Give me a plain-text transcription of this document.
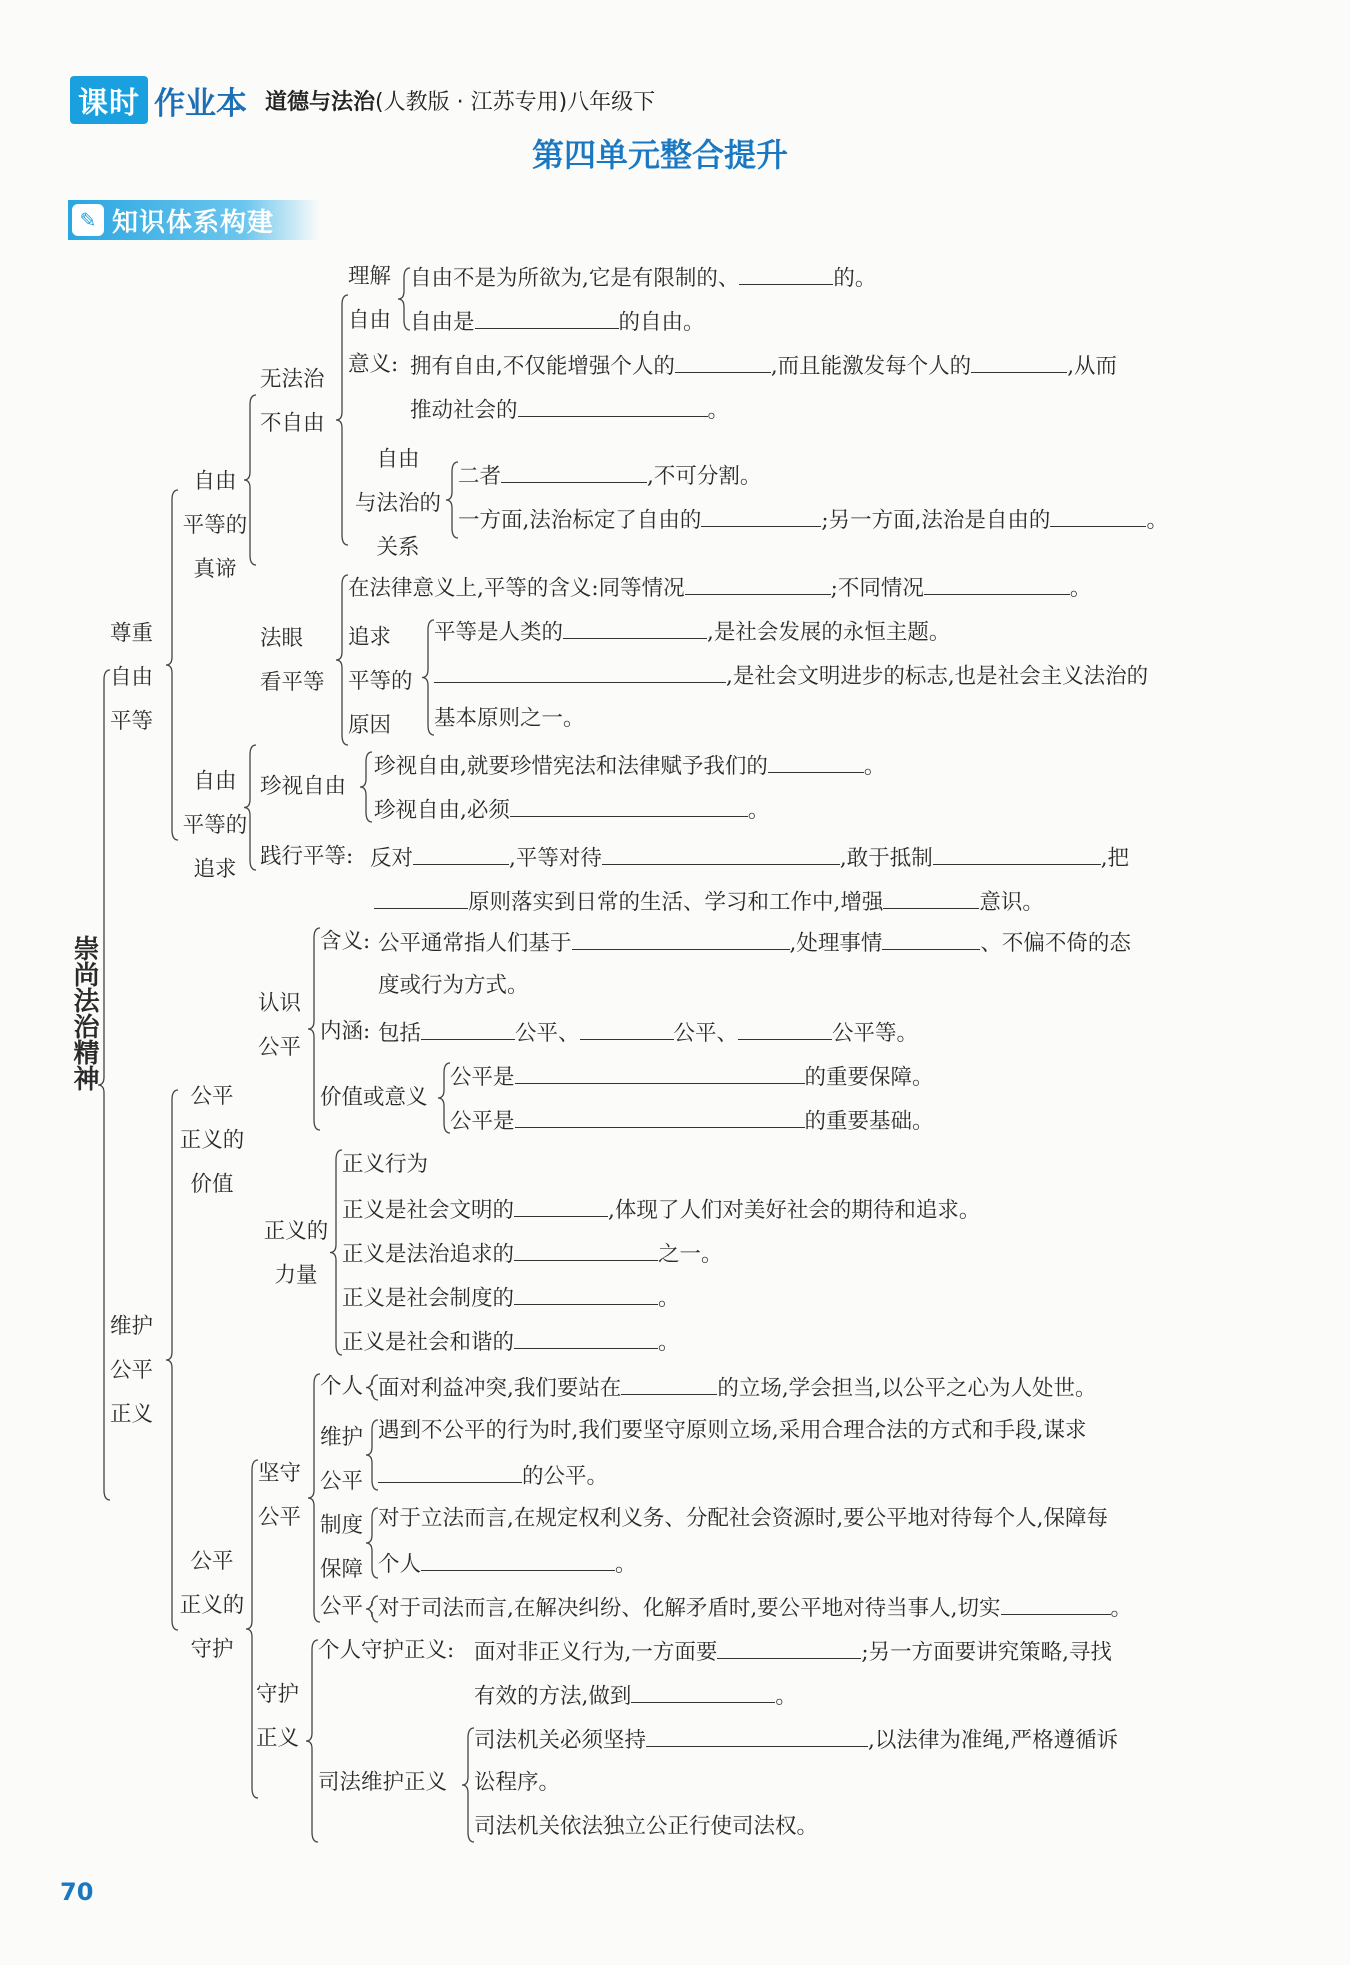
课时 作业本 道德与法治(人教版 · 江苏专用)八年级下
第四单元整合提升
✎ 知识体系构建
崇尚法治精神
尊重
自由
平等
维护
公平
正义
自由
平等的
真谛
自由
平等的
追求
公平
正义的
价值
公平
正义的
守护
无法治
不自由
法眼
看平等
珍视自由
践行平等:
认识
公平
正义的
力量
坚守
公平
守护
正义
理解
自由
意义:
自由
与法治的
关系
追求
平等的
原因
含义:
内涵:
价值或意义
个人
维护
公平
制度
保障
公平
个人守护正义:
司法维护正义
自由不是为所欲为,它是有限制的、	的。
自由是	的自由。
拥有自由,不仅能增强个人的	,而且能激发每个人的	,从而
推动社会的	。
二者	,不可分割。
一方面,法治标定了自由的	;另一方面,法治是自由的	。
在法律意义上,平等的含义:同等情况	;不同情况	。
平等是人类的	,是社会发展的永恒主题。
,是社会文明进步的标志,也是社会主义法治的
基本原则之一。
珍视自由,就要珍惜宪法和法律赋予我们的	。
珍视自由,必须	。
反对	,平等对待	,敢于抵制	,把
原则落实到日常的生活、学习和工作中,增强	意识。
公平通常指人们基于	,处理事情	、不偏不倚的态
度或行为方式。
包括	公平、	公平、	公平等。
公平是	的重要保障。
公平是	的重要基础。
正义行为
正义是社会文明的	,体现了人们对美好社会的期待和追求。
正义是法治追求的	之一。
正义是社会制度的	。
正义是社会和谐的	。
面对利益冲突,我们要站在	的立场,学会担当,以公平之心为人处世。
遇到不公平的行为时,我们要坚守原则立场,采用合理合法的方式和手段,谋求
的公平。
对于立法而言,在规定权利义务、分配社会资源时,要公平地对待每个人,保障每
个人	。
对于司法而言,在解决纠纷、化解矛盾时,要公平地对待当事人,切实	。
面对非正义行为,一方面要	;另一方面要讲究策略,寻找
有效的方法,做到	。
司法机关必须坚持	,以法律为准绳,严格遵循诉
讼程序。
司法机关依法独立公正行使司法权。
70
